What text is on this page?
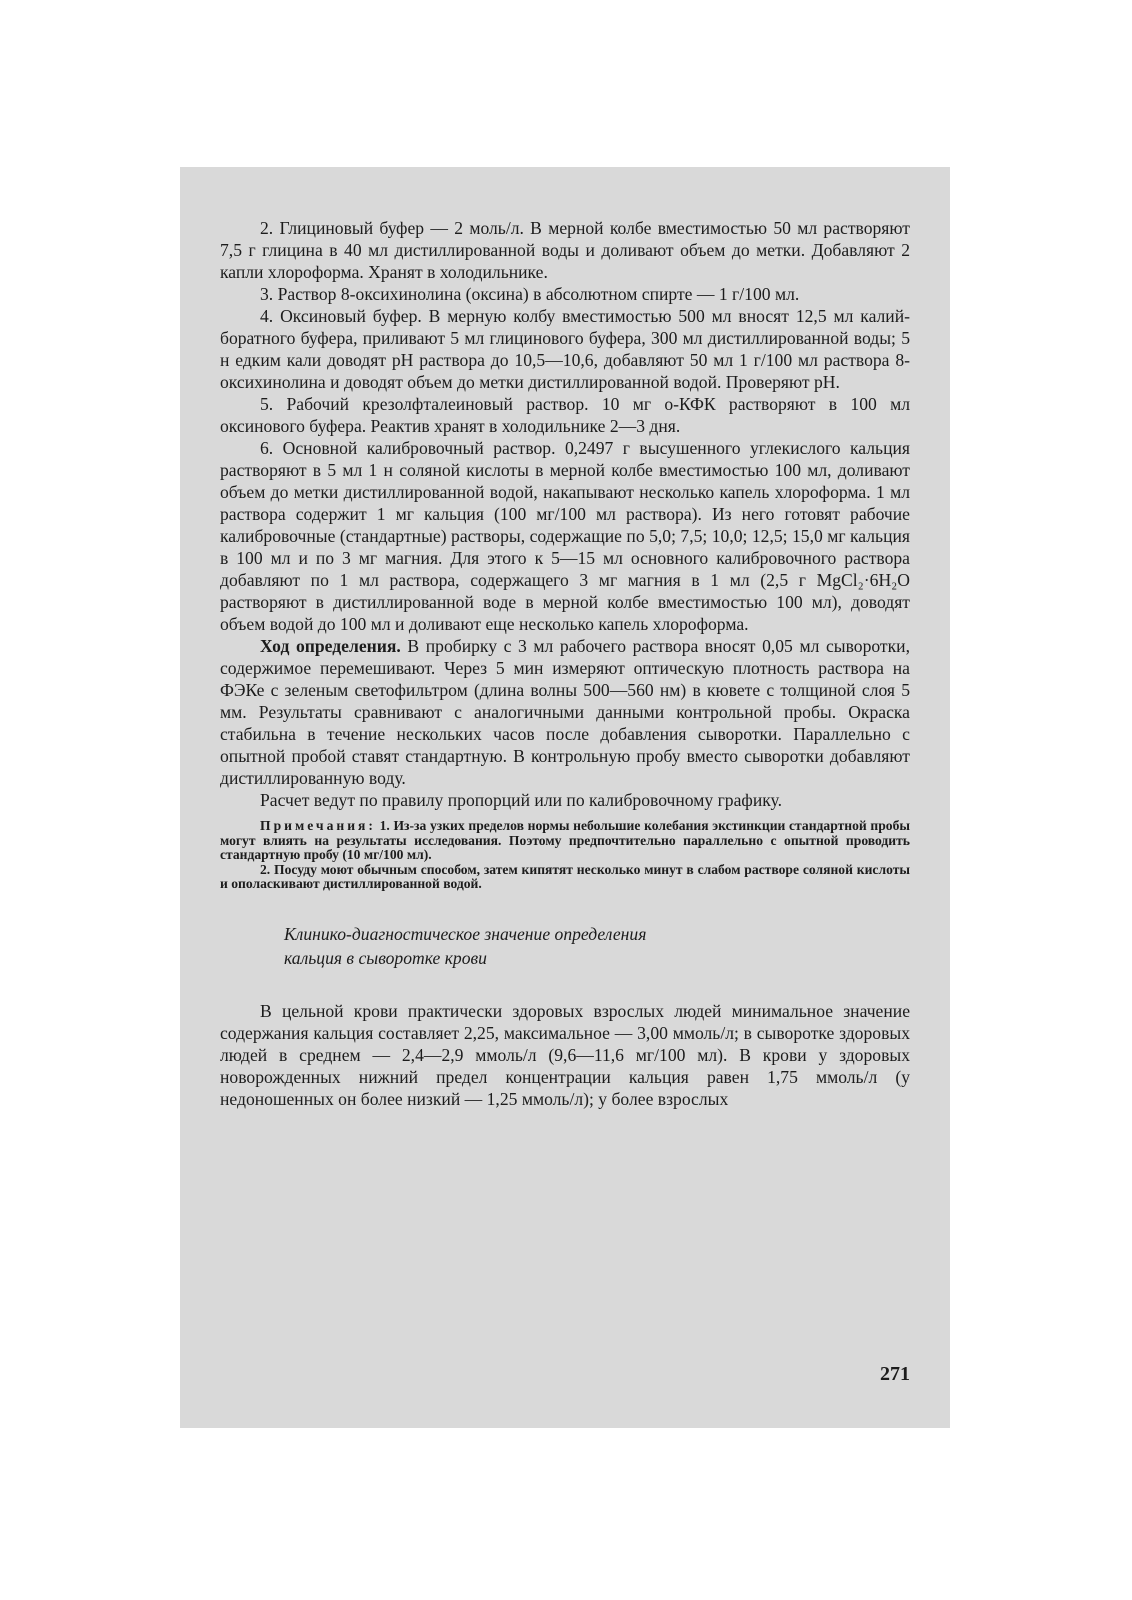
2. Глициновый буфер — 2 моль/л. В мерной колбе вместимостью 50 мл растворяют 7,5 г глицина в 40 мл дистиллированной воды и доливают объем до метки. Добавляют 2 капли хлороформа. Хранят в холодильнике.

3. Раствор 8-оксихинолина (оксина) в абсолютном спирте — 1 г/100 мл.

4. Оксиновый буфер. В мерную колбу вместимостью 500 мл вносят 12,5 мл калий-боратного буфера, приливают 5 мл глицинового буфера, 300 мл дистиллированной воды; 5 н едким кали доводят pH раствора до 10,5—10,6, добавляют 50 мл 1 г/100 мл раствора 8-оксихинолина и доводят объем до метки дистиллированной водой. Проверяют pH.

5. Рабочий крезолфталеиновый раствор. 10 мг о-КФК растворяют в 100 мл оксинового буфера. Реактив хранят в холодильнике 2—3 дня.

6. Основной калибровочный раствор. 0,2497 г высушенного углекислого кальция растворяют в 5 мл 1 н соляной кислоты в мерной колбе вместимостью 100 мл, доливают объем до метки дистиллированной водой, накапывают несколько капель хлороформа. 1 мл раствора содержит 1 мг кальция (100 мг/100 мл раствора). Из него готовят рабочие калибровочные (стандартные) растворы, содержащие по 5,0; 7,5; 10,0; 12,5; 15,0 мг кальция в 100 мл и по 3 мг магния. Для этого к 5—15 мл основного калибровочного раствора добавляют по 1 мл раствора, содержащего 3 мг магния в 1 мл (2,5 г MgCl₂·6H₂O растворяют в дистиллированной воде в мерной колбе вместимостью 100 мл), доводят объем водой до 100 мл и доливают еще несколько капель хлороформа.

Ход определения. В пробирку с 3 мл рабочего раствора вносят 0,05 мл сыворотки, содержимое перемешивают. Через 5 мин измеряют оптическую плотность раствора на ФЭКе с зеленым светофильтром (длина волны 500—560 нм) в кювете с толщиной слоя 5 мм. Результаты сравнивают с аналогичными данными контрольной пробы. Окраска стабильна в течение нескольких часов после добавления сыворотки. Параллельно с опытной пробой ставят стандартную. В контрольную пробу вместо сыворотки добавляют дистиллированную воду.

Расчет ведут по правилу пропорций или по калибровочному графику.

Примечания: 1. Из-за узких пределов нормы небольшие колебания экстинкции стандартной пробы могут влиять на результаты исследования. Поэтому предпочтительно параллельно с опытной проводить стандартную пробу (10 мг/100 мл).

2. Посуду моют обычным способом, затем кипятят несколько минут в слабом растворе соляной кислоты и ополаскивают дистиллированной водой.

Клинико-диагностическое значение определения
кальция в сыворотке крови

В цельной крови практически здоровых взрослых людей минимальное значение содержания кальция составляет 2,25, максимальное — 3,00 ммоль/л; в сыворотке здоровых людей в среднем — 2,4—2,9 ммоль/л (9,6—11,6 мг/100 мл). В крови у здоровых новорожденных нижний предел концентрации кальция равен 1,75 ммоль/л (у недоношенных он более низкий — 1,25 ммоль/л); у более взрослых

271
